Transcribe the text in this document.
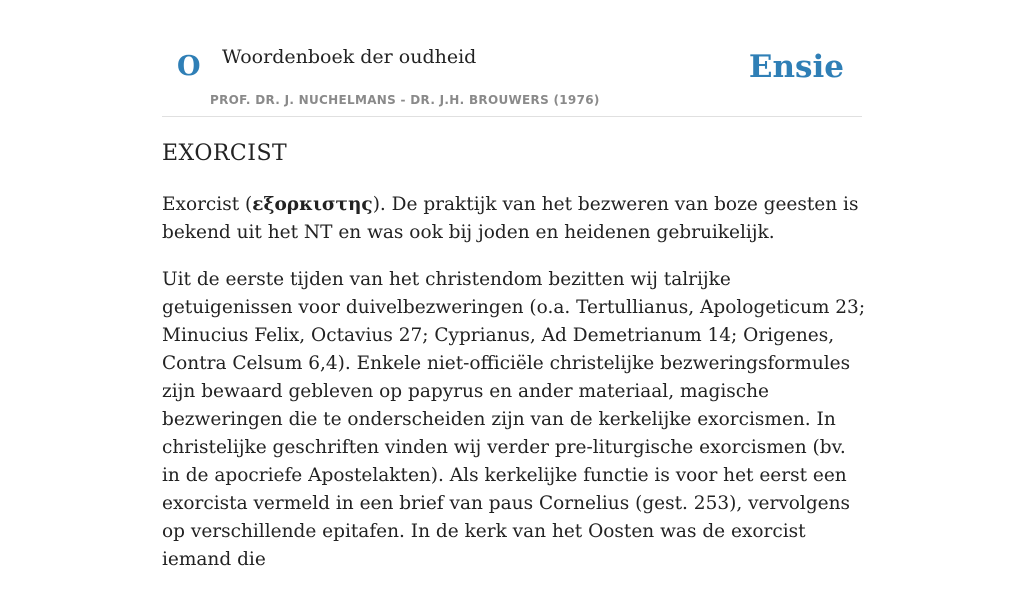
O Woordenboek der oudheid
PROF. DR. J. NUCHELMANS - DR. J.H. BROUWERS (1976)
Ensie
EXORCIST

Exorcist (εξορκιστης). De praktijk van het bezweren van boze geesten is bekend uit het NT en was ook bij joden en heidenen gebruikelijk.

Uit de eerste tijden van het christendom bezitten wij talrijke getuigenissen voor duivelbezweringen (o.a. Tertullianus, Apologeticum 23; Minucius Felix, Octavius 27; Cyprianus, Ad Demetrianum 14; Origenes, Contra Celsum 6,4). Enkele niet-officiële christelijke bezweringsformules zijn bewaard gebleven op papyrus en ander materiaal, magische bezweringen die te onderscheiden zijn van de kerkelijke exorcismen. In christelijke geschriften vinden wij verder pre-liturgische exorcismen (bv. in de apocriefe Apostelakten). Als kerkelijke functie is voor het eerst een exorcista vermeld in een brief van paus Cornelius (gest. 253), vervolgens op verschillende epitafen. In de kerk van het Oosten was de exorcist iemand die
